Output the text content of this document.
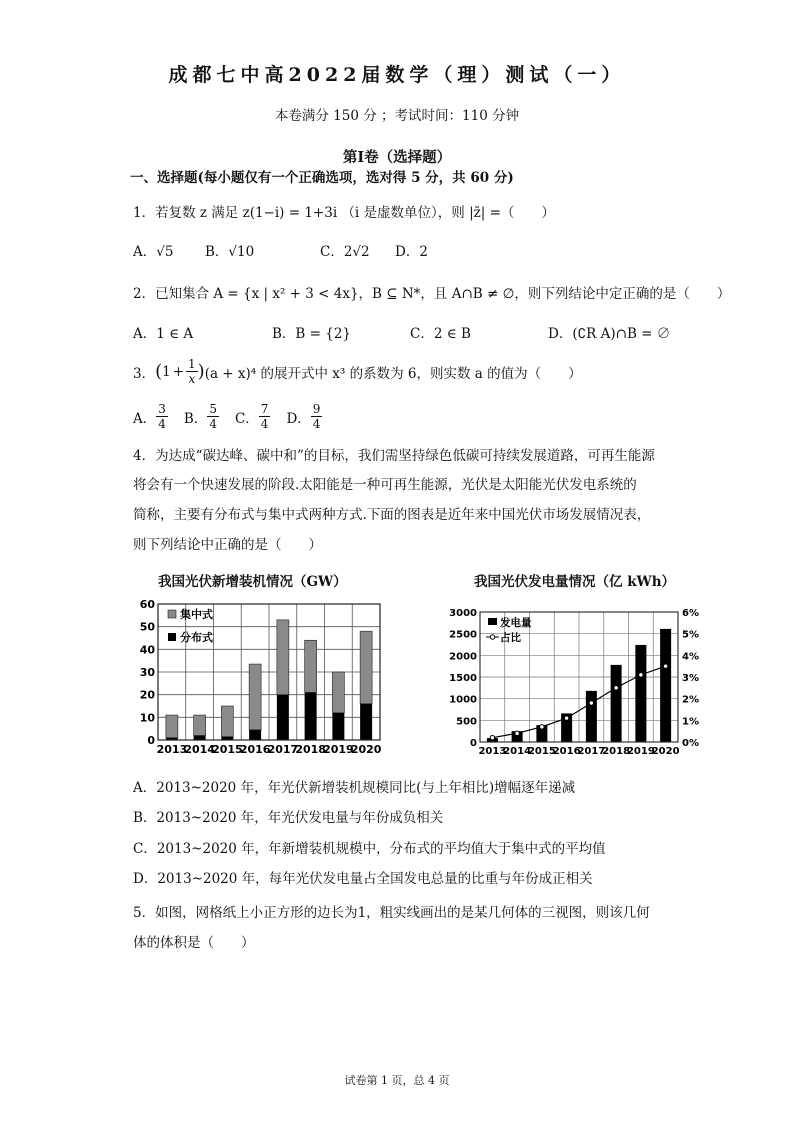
成都七中高2022届数学（理）测试（一）
本卷满分 150 分 ；考试时间：110 分钟
第Ⅰ卷（选择题）
一、选择题(每小题仅有一个正确选项，选对得 5 分，共 60 分)
1．若复数 z 满足 z(1−i) = 1+3i （i 是虚数单位），则 |z̄| =（　　）
A．√5 B．√10	C．2√2 D．2
2．已知集合 A = {x | x² + 3 < 4x}，B ⊆ N*，且 A∩B ≠ ∅，则下列结论中定正确的是（　　）
A．1 ∈ A	B．B = {2}	C．2 ∈ B	D．(∁R A)∩B = ∅
3． ( $1 + \frac{1}{x}$ ) (a + x)⁴ 的展开式中 x³ 的系数为 6，则实数 a 的值为（　　）
A． $\frac{3}{4}$ B． $\frac{5}{4}$ C． $\frac{7}{4}$ D． $\frac{9}{4}$
4．为达成“碳达峰、碳中和”的目标，我们需坚持绿色低碳可持续发展道路，可再生能源
将会有一个快速发展的阶段.太阳能是一种可再生能源，光伏是太阳能光伏发电系统的
简称，主要有分布式与集中式两种方式.下面的图表是近年来中国光伏市场发展情况表，
则下列结论中正确的是（　　）
我国光伏新增装机情况（GW）	我国光伏发电量情况（亿 kWh）
0
10
20
30
40
50
60
2013
2014
2015
2016
2017
2018
2019
2020
集中式
分布式
0
500
1000
1500
2000
2500
3000
0%
1%
2%
3%
4%
5%
6%
2013
2014
2015
2016
2017
2018
2019
2020
发电量
占比
A．2013~2020 年，年光伏新增装机规模同比(与上年相比)增幅逐年递减
B．2013~2020 年，年光伏发电量与年份成负相关
C．2013~2020 年，年新增装机规模中，分布式的平均值大于集中式的平均值
D．2013~2020 年，每年光伏发电量占全国发电总量的比重与年份成正相关
5．如图，网格纸上小正方形的边长为1，粗实线画出的是某几何体的三视图，则该几何
体的体积是（　　）
试卷第 1 页，总 4 页
